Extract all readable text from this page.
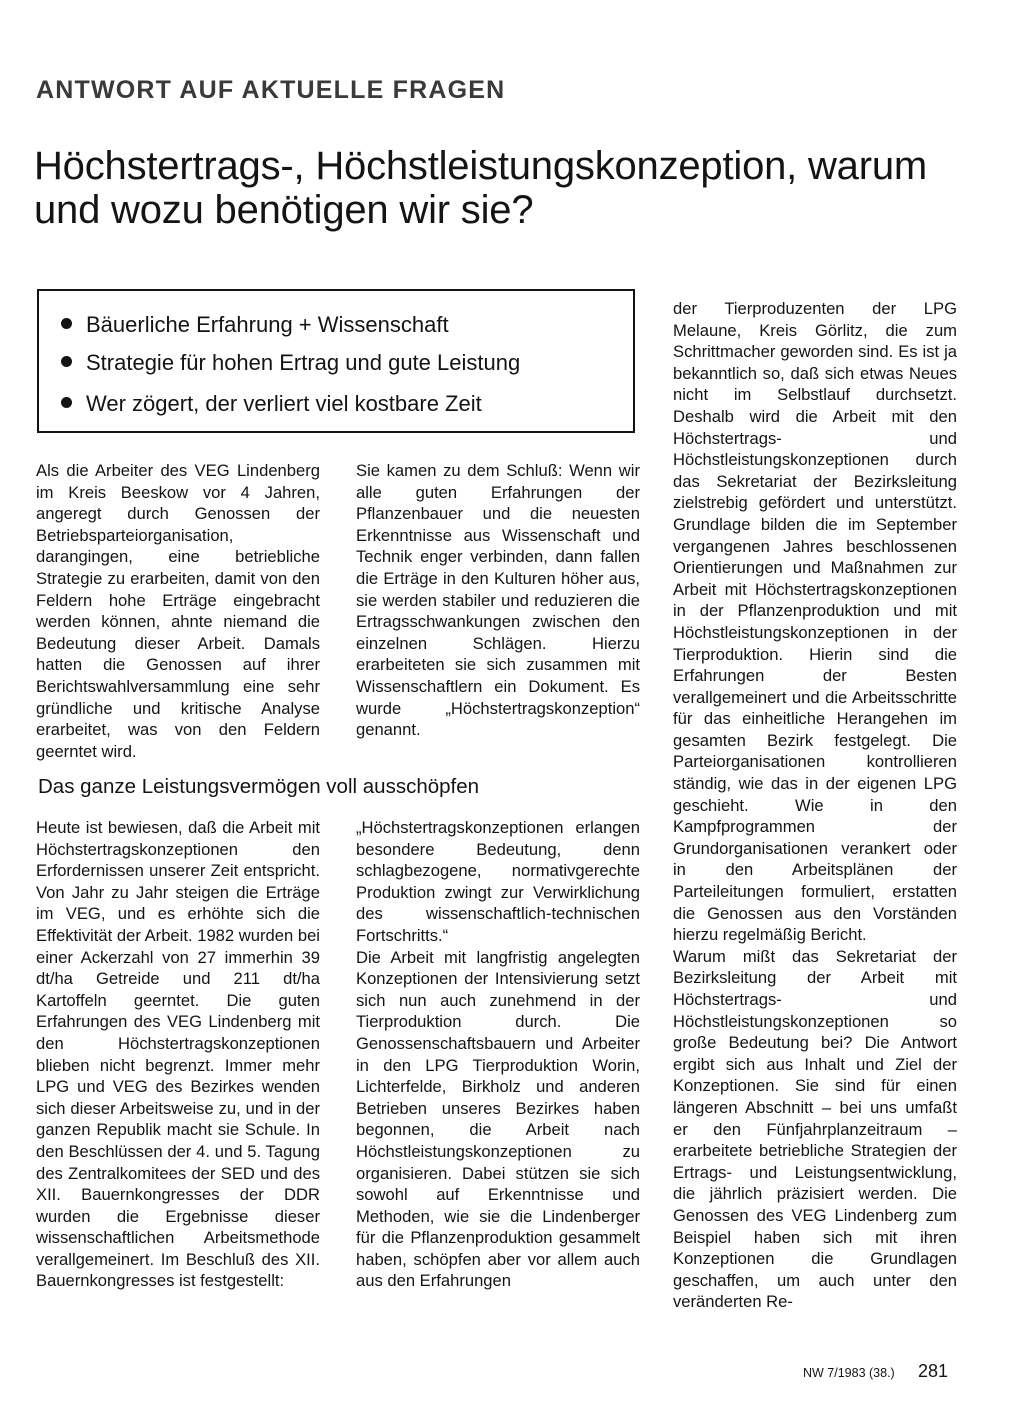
ANTWORT AUF AKTUELLE FRAGEN
Höchstertrags-, Höchstleistungskonzeption, warum und wozu benötigen wir sie?
Bäuerliche Erfahrung + Wissenschaft
Strategie für hohen Ertrag und gute Leistung
Wer zögert, der verliert viel kostbare Zeit

Als die Arbeiter des VEG Lindenberg im Kreis Beeskow vor 4 Jahren, angeregt durch Genossen der Betriebsparteiorganisation, darangingen, eine betriebliche Strategie zu erarbeiten, damit von den Feldern hohe Erträge eingebracht werden können, ahnte niemand die Bedeutung dieser Arbeit. Damals hatten die Genossen auf ihrer Berichtswahlversammlung eine sehr gründliche und kritische Analyse erarbeitet, was von den Feldern geerntet wird.

Sie kamen zu dem Schluß: Wenn wir alle guten Erfahrungen der Pflanzenbauer und die neuesten Erkenntnisse aus Wissenschaft und Technik enger verbinden, dann fallen die Erträge in den Kulturen höher aus, sie werden stabiler und reduzieren die Ertragsschwankungen zwischen den einzelnen Schlägen. Hierzu erarbeiteten sie sich zusammen mit Wissenschaftlern ein Dokument. Es wurde „Höchstertragskonzeption“ genannt.

Das ganze Leistungsvermögen voll ausschöpfen

Heute ist bewiesen, daß die Arbeit mit Höchstertragskonzeptionen den Erfordernissen unserer Zeit entspricht. Von Jahr zu Jahr steigen die Erträge im VEG, und es erhöhte sich die Effektivität der Arbeit. 1982 wurden bei einer Ackerzahl von 27 immerhin 39 dt/ha Getreide und 211 dt/ha Kartoffeln geerntet. Die guten Erfahrungen des VEG Lindenberg mit den Höchstertragskonzeptionen blieben nicht begrenzt. Immer mehr LPG und VEG des Bezirkes wenden sich dieser Arbeitsweise zu, und in der ganzen Republik macht sie Schule. In den Beschlüssen der 4. und 5. Tagung des Zentralkomitees der SED und des XII. Bauernkongresses der DDR wurden die Ergebnisse dieser wissenschaftlichen Arbeitsmethode verallgemeinert. Im Beschluß des XII. Bauernkongresses ist festgestellt:

„Höchstertragskonzeptionen erlangen besondere Bedeutung, denn schlagbezogene, normativgerechte Produktion zwingt zur Verwirklichung des wissenschaftlich-technischen Fortschritts.“

Die Arbeit mit langfristig angelegten Konzeptionen der Intensivierung setzt sich nun auch zunehmend in der Tierproduktion durch. Die Genossenschaftsbauern und Arbeiter in den LPG Tierproduktion Worin, Lichterfelde, Birkholz und anderen Betrieben unseres Bezirkes haben begonnen, die Arbeit nach Höchstleistungskonzeptionen zu organisieren. Dabei stützen sie sich sowohl auf Erkenntnisse und Methoden, wie sie die Lindenberger für die Pflanzenproduktion gesammelt haben, schöpfen aber vor allem auch aus den Erfahrungen

der Tierproduzenten der LPG Melaune, Kreis Görlitz, die zum Schrittmacher geworden sind. Es ist ja bekanntlich so, daß sich etwas Neues nicht im Selbstlauf durchsetzt. Deshalb wird die Arbeit mit den Höchstertrags- und Höchstleistungskonzeptionen durch das Sekretariat der Bezirksleitung zielstrebig gefördert und unterstützt. Grundlage bilden die im September vergangenen Jahres beschlossenen Orientierungen und Maßnahmen zur Arbeit mit Höchstertragskonzeptionen in der Pflanzenproduktion und mit Höchstleistungskonzeptionen in der Tierproduktion. Hierin sind die Erfahrungen der Besten verallgemeinert und die Arbeitsschritte für das einheitliche Herangehen im gesamten Bezirk festgelegt. Die Parteiorganisationen kontrollieren ständig, wie das in der eigenen LPG geschieht. Wie in den Kampfprogrammen der Grundorganisationen verankert oder in den Arbeitsplänen der Parteileitungen formuliert, erstatten die Genossen aus den Vorständen hierzu regelmäßig Bericht.

Warum mißt das Sekretariat der Bezirksleitung der Arbeit mit Höchstertrags- und Höchstleistungskonzeptionen so große Bedeutung bei? Die Antwort ergibt sich aus Inhalt und Ziel der Konzeptionen. Sie sind für einen längeren Abschnitt – bei uns umfaßt er den Fünfjahrplanzeitraum – erarbeitete betriebliche Strategien der Ertrags- und Leistungsentwicklung, die jährlich präzisiert werden. Die Genossen des VEG Lindenberg zum Beispiel haben sich mit ihren Konzeptionen die Grundlagen geschaffen, um auch unter den veränderten Re-

NW 7/1983 (38.) 281
